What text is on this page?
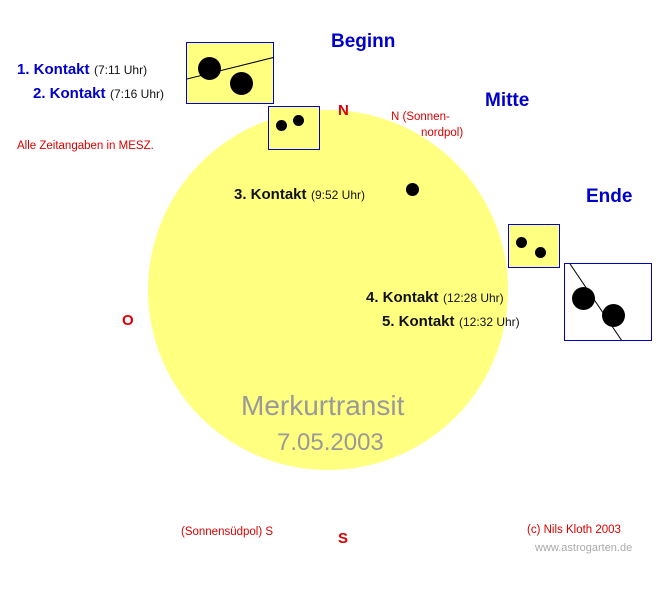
Merkurtransit
7.05.2003
Beginn
Mitte
Ende
N
S
O
N (Sonnen-
nordpol)
(Sonnensüdpol) S
Alle Zeitangaben in MESZ.
1. Kontakt (7:11 Uhr)
2. Kontakt (7:16 Uhr)
3. Kontakt (9:52 Uhr)
4. Kontakt (12:28 Uhr)
5. Kontakt (12:32 Uhr)
(c) Nils Kloth 2003
www.astrogarten.de
